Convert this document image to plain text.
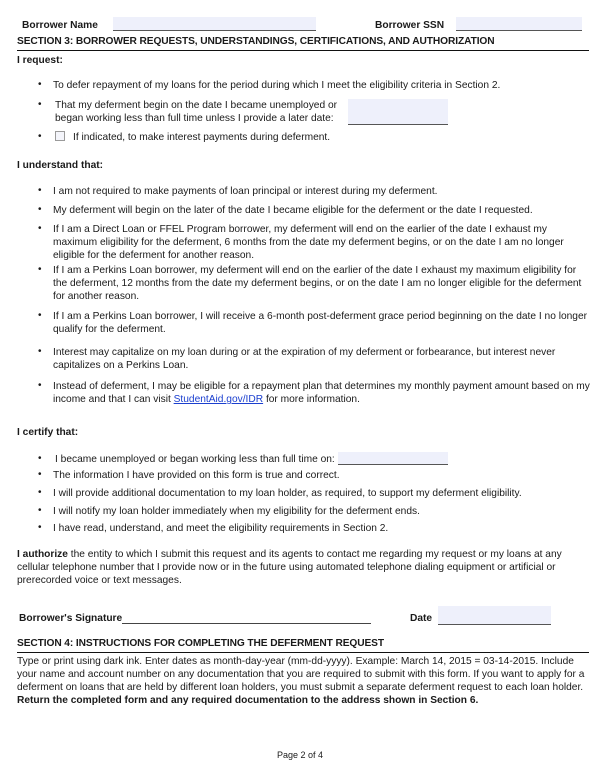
Borrower Name	Borrower SSN
SECTION 3: BORROWER REQUESTS, UNDERSTANDINGS, CERTIFICATIONS, AND AUTHORIZATION
I request:
• To defer repayment of my loans for the period during which I meet the eligibility criteria in Section 2.
• That my deferment begin on the date I became unemployed or
began working less than full time unless I provide a later date:
•	If indicated, to make interest payments during deferment.
I understand that:
• I am not required to make payments of loan principal or interest during my deferment.
• My deferment will begin on the later of the date I became eligible for the deferment or the date I requested.
• If I am a Direct Loan or FFEL Program borrower, my deferment will end on the earlier of the date I exhaust my maximum eligibility for the deferment, 6 months from the date my deferment begins, or on the date I am no longer eligible for the deferment for another reason.
• If I am a Perkins Loan borrower, my deferment will end on the earlier of the date I exhaust my maximum eligibility for the deferment, 12 months from the date my deferment begins, or on the date I am no longer eligible for the deferment for another reason.
• If I am a Perkins Loan borrower, I will receive a 6-month post-deferment grace period beginning on the date I no longer qualify for the deferment.
• Interest may capitalize on my loan during or at the expiration of my deferment or forbearance, but interest never capitalizes on a Perkins Loan.
• Instead of deferment, I may be eligible for a repayment plan that determines my monthly payment amount based on my income and that I can visit StudentAid.gov/IDR for more information.
I certify that:
• I became unemployed or began working less than full time on:
• The information I have provided on this form is true and correct.
• I will provide additional documentation to my loan holder, as required, to support my deferment eligibility.
• I will notify my loan holder immediately when my eligibility for the deferment ends.
• I have read, understand, and meet the eligibility requirements in Section 2.
I authorize the entity to which I submit this request and its agents to contact me regarding my request or my loans at any cellular telephone number that I provide now or in the future using automated telephone dialing equipment or artificial or prerecorded voice or text messages.
Borrower's Signature	Date
SECTION 4: INSTRUCTIONS FOR COMPLETING THE DEFERMENT REQUEST
Type or print using dark ink. Enter dates as month-day-year (mm-dd-yyyy). Example: March 14, 2015 = 03-14-2015. Include your name and account number on any documentation that you are required to submit with this form. If you want to apply for a deferment on loans that are held by different loan holders, you must submit a separate deferment request to each loan holder. Return the completed form and any required documentation to the address shown in Section 6.
Page 2 of 4
